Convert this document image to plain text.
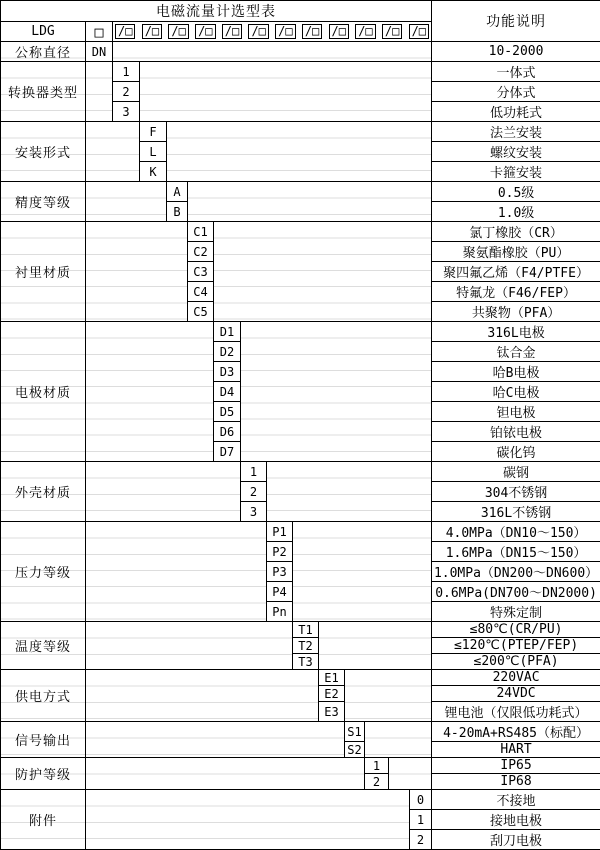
电磁流量计选型表															功能说明
LDG	□	/□ /□ /□ /□ /□ /□ /□ /□ /□ /□ /□ /□

公称直径	DN														10-2000
转换器类型		1													一体式
		2													分体式
		3													低功耗式
安装形式			F												法兰安装
			L												螺纹安装
			K												卡箍安装
精度等级				A											0.5级
				B											1.0级
衬里材质					C1										氯丁橡胶（CR）
					C2										聚氨酯橡胶（PU）
					C3										聚四氟乙烯（F4/PTFE）
					C4										特氟龙（F46/FEP）
					C5										共聚物（PFA）
电极材质						D1									316L电极
						D2									钛合金
						D3									哈B电极
						D4									哈C电极
						D5									钽电极
						D6									铂铱电极
						D7									碳化钨
外壳材质							1								碳钢
							2								304不锈钢
							3								316L不锈钢
压力等级								P1							4.0MPa（DN10～150）
								P2							1.6MPa（DN15～150）
								P3							1.0MPa（DN200～DN600）
								P4							0.6MPa(DN700～DN2000)
								Pn							特殊定制
温度等级									T1						≤80℃(CR/PU)
									T2						≤120℃(PTEP/FEP)
									T3						≤200℃(PFA)
供电方式										E1					220VAC
										E2					24VDC
										E3					锂电池（仅限低功耗式）
信号输出											S1				4-20mA+RS485（标配）
											S2				HART
防护等级												1			IP65
												2			IP68
附件														0	不接地
														1	接地电极
														2	刮刀电极
